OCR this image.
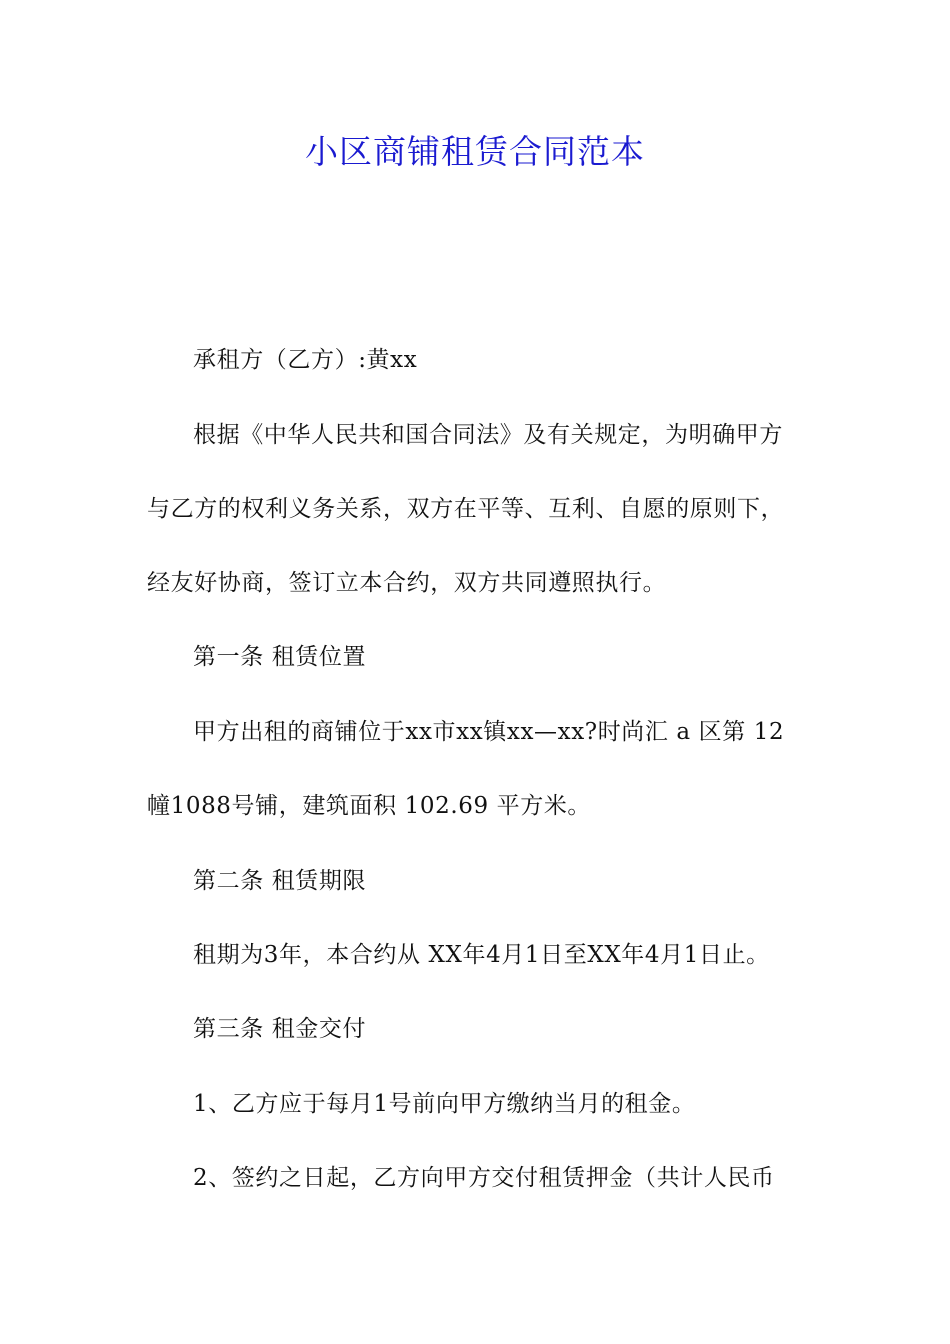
小区商铺租赁合同范本
承租方（乙方）:黄xx
根据《中华人民共和国合同法》及有关规定，为明确甲方
与乙方的权利义务关系，双方在平等、互利、自愿的原则下，
经友好协商，签订立本合约，双方共同遵照执行。
第一条 租赁位置
甲方出租的商铺位于xx市xx镇xx—xx?时尚汇 a 区第 12
幢1088号铺，建筑面积 102.69 平方米。
第二条 租赁期限
租期为3年，本合约从 XX年4月1日至XX年4月1日止。
第三条 租金交付
1、乙方应于每月1号前向甲方缴纳当月的租金。
2、签约之日起，乙方向甲方交付租赁押金（共计人民币
